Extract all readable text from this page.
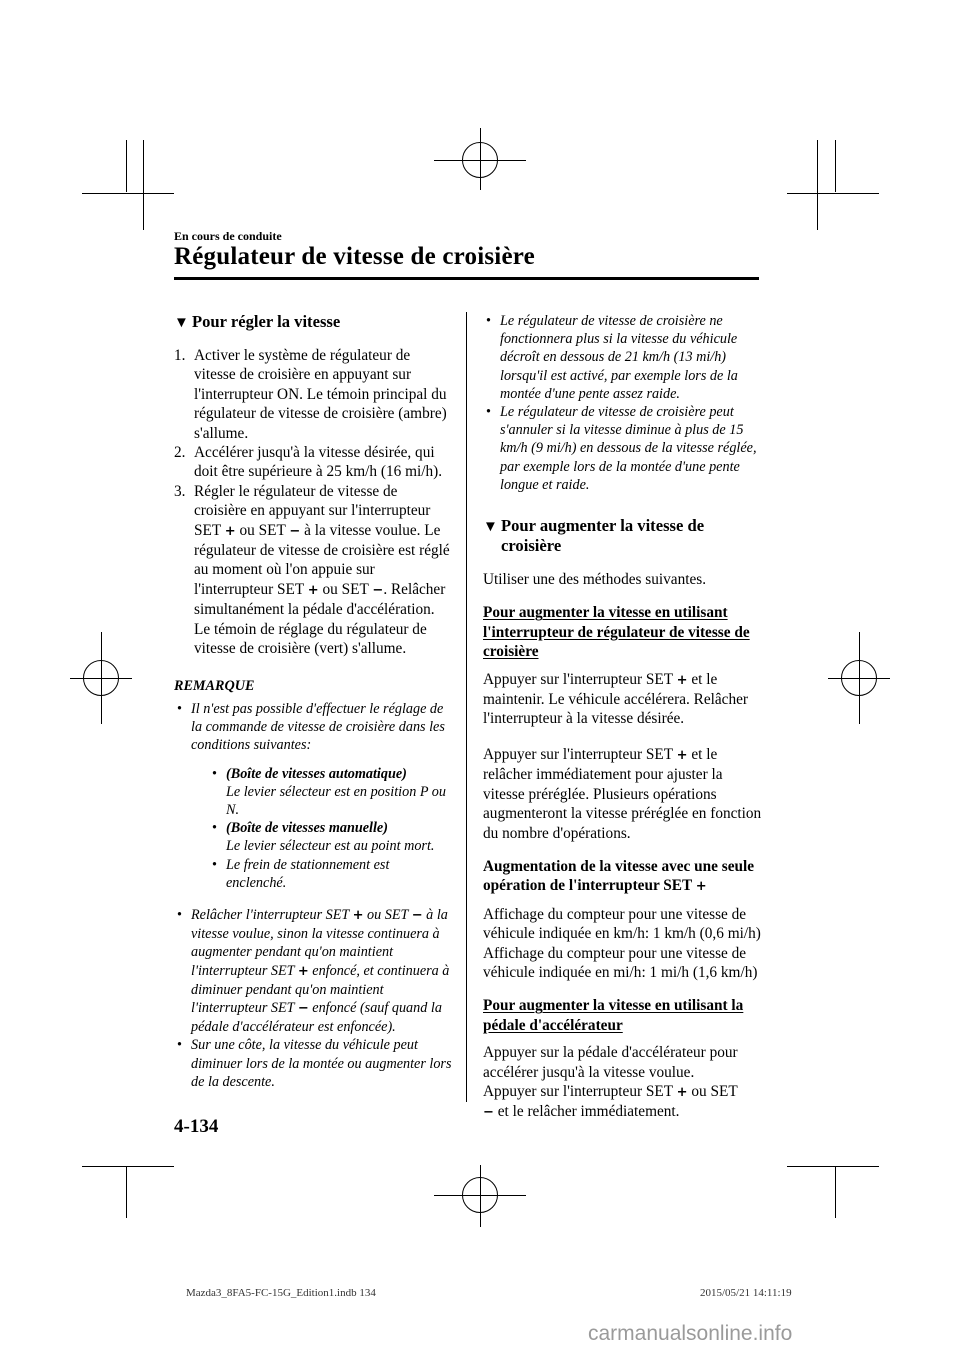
En cours de conduite
Régulateur de vitesse de croisière
▼ Pour régler la vitesse
1. Activer le système de régulateur de vitesse de croisière en appuyant sur l'interrupteur ON. Le témoin principal du régulateur de vitesse de croisière (ambre) s'allume.
2. Accélérer jusqu'à la vitesse désirée, qui doit être supérieure à 25 km/h (16 mi/h).
3. Régler le régulateur de vitesse de croisière en appuyant sur l'interrupteur SET + ou SET − à la vitesse voulue. Le régulateur de vitesse de croisière est réglé au moment où l'on appuie sur l'interrupteur SET + ou SET −. Relâcher simultanément la pédale d'accélération. Le témoin de réglage du régulateur de vitesse de croisière (vert) s'allume.
REMARQUE
• Il n'est pas possible d'effectuer le réglage de la commande de vitesse de croisière dans les conditions suivantes:
• (Boîte de vitesses automatique)
Le levier sélecteur est en position P ou N.
• (Boîte de vitesses manuelle)
Le levier sélecteur est au point mort.
• Le frein de stationnement est enclenché.
• Relâcher l'interrupteur SET + ou SET − à la vitesse voulue, sinon la vitesse continuera à augmenter pendant qu'on maintient l'interrupteur SET + enfoncé, et continuera à diminuer pendant qu'on maintient l'interrupteur SET − enfoncé (sauf quand la pédale d'accélérateur est enfoncée).
• Sur une côte, la vitesse du véhicule peut diminuer lors de la montée ou augmenter lors de la descente.
• Le régulateur de vitesse de croisière ne fonctionnera plus si la vitesse du véhicule décroît en dessous de 21 km/h (13 mi/h) lorsqu'il est activé, par exemple lors de la montée d'une pente assez raide.
• Le régulateur de vitesse de croisière peut s'annuler si la vitesse diminue à plus de 15 km/h (9 mi/h) en dessous de la vitesse réglée, par exemple lors de la montée d'une pente longue et raide.
▼ Pour augmenter la vitesse de croisière
Utiliser une des méthodes suivantes.
Pour augmenter la vitesse en utilisant l'interrupteur de régulateur de vitesse de croisière
Appuyer sur l'interrupteur SET + et le maintenir. Le véhicule accélérera. Relâcher l'interrupteur à la vitesse désirée.
Appuyer sur l'interrupteur SET + et le relâcher immédiatement pour ajuster la vitesse préréglée. Plusieurs opérations augmenteront la vitesse préréglée en fonction du nombre d'opérations.
Augmentation de la vitesse avec une seule opération de l'interrupteur SET +
Affichage du compteur pour une vitesse de véhicule indiquée en km/h: 1 km/h (0,6 mi/h)
Affichage du compteur pour une vitesse de véhicule indiquée en mi/h: 1 mi/h (1,6 km/h)
Pour augmenter la vitesse en utilisant la pédale d'accélérateur
Appuyer sur la pédale d'accélérateur pour accélérer jusqu'à la vitesse voulue.
Appuyer sur l'interrupteur SET + ou SET
− et le relâcher immédiatement.
4-134
Mazda3_8FA5-FC-15G_Edition1.indb 134	2015/05/21 14:11:19
carmanualsonline.info
